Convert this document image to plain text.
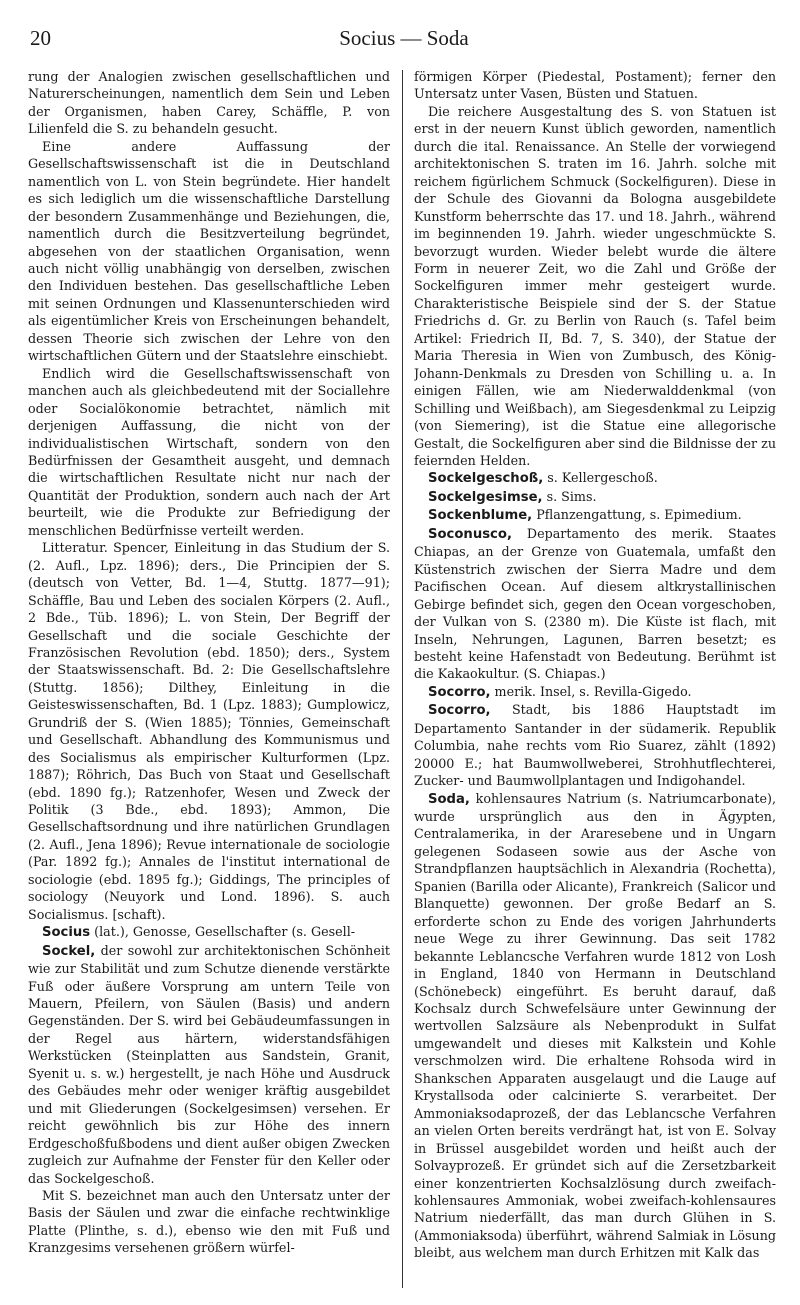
20	Socius — Soda

rung der Analogien zwischen gesellschaftlichen und Naturerscheinungen, namentlich dem Sein und Leben der Organismen, haben Carey, Schäffle, P. von Lilienfeld die S. zu behandeln gesucht.

Eine andere Auffassung der Gesellschaftswissenschaft ist die in Deutschland namentlich von L. von Stein begründete. Hier handelt es sich lediglich um die wissenschaftliche Darstellung der besondern Zusammenhänge und Beziehungen, die, namentlich durch die Besitzverteilung begründet, abgesehen von der staatlichen Organisation, wenn auch nicht völlig unabhängig von derselben, zwischen den Individuen bestehen. Das gesellschaftliche Leben mit seinen Ordnungen und Klassenunterschieden wird als eigentümlicher Kreis von Erscheinungen behandelt, dessen Theorie sich zwischen der Lehre von den wirtschaftlichen Gütern und der Staatslehre einschiebt.

Endlich wird die Gesellschaftswissenschaft von manchen auch als gleichbedeutend mit der Sociallehre oder Socialökonomie betrachtet, nämlich mit derjenigen Auffassung, die nicht von der individualistischen Wirtschaft, sondern von den Bedürfnissen der Gesamtheit ausgeht, und demnach die wirtschaftlichen Resultate nicht nur nach der Quantität der Produktion, sondern auch nach der Art beurteilt, wie die Produkte zur Befriedigung der menschlichen Bedürfnisse verteilt werden.

Litteratur. Spencer, Einleitung in das Studium der S. (2. Aufl., Lpz. 1896); ders., Die Principien der S. (deutsch von Vetter, Bd. 1—4, Stuttg. 1877—91); Schäffle, Bau und Leben des socialen Körpers (2. Aufl., 2 Bde., Tüb. 1896); L. von Stein, Der Begriff der Gesellschaft und die sociale Geschichte der Französischen Revolution (ebd. 1850); ders., System der Staatswissenschaft. Bd. 2: Die Gesellschaftslehre (Stuttg. 1856); Dilthey, Einleitung in die Geisteswissenschaften, Bd. 1 (Lpz. 1883); Gumplowicz, Grundriß der S. (Wien 1885); Tönnies, Gemeinschaft und Gesellschaft. Abhandlung des Kommunismus und des Socialismus als empirischer Kulturformen (Lpz. 1887); Röhrich, Das Buch von Staat und Gesellschaft (ebd. 1890 fg.); Ratzenhofer, Wesen und Zweck der Politik (3 Bde., ebd. 1893); Ammon, Die Gesellschaftsordnung und ihre natürlichen Grundlagen (2. Aufl., Jena 1896); Revue internationale de sociologie (Par. 1892 fg.); Annales de l'institut international de sociologie (ebd. 1895 fg.); Giddings, The principles of sociology (Neuyork und Lond. 1896). S. auch Socialismus. [schaft).

Socius (lat.), Genosse, Gesellschafter (s. Gesell-

Sockel, der sowohl zur architektonischen Schönheit wie zur Stabilität und zum Schutze dienende verstärkte Fuß oder äußere Vorsprung am untern Teile von Mauern, Pfeilern, von Säulen (Basis) und andern Gegenständen. Der S. wird bei Gebäudeumfassungen in der Regel aus härtern, widerstandsfähigen Werkstücken (Steinplatten aus Sandstein, Granit, Syenit u. s. w.) hergestellt, je nach Höhe und Ausdruck des Gebäudes mehr oder weniger kräftig ausgebildet und mit Gliederungen (Sockelgesimsen) versehen. Er reicht gewöhnlich bis zur Höhe des innern Erdgeschoßfußbodens und dient außer obigen Zwecken zugleich zur Aufnahme der Fenster für den Keller oder das Sockelgeschoß.

Mit S. bezeichnet man auch den Untersatz unter der Basis der Säulen und zwar die einfache rechtwinklige Platte (Plinthe, s. d.), ebenso wie den mit Fuß und Kranzgesims versehenen größern würfel-

förmigen Körper (Piedestal, Postament); ferner den Untersatz unter Vasen, Büsten und Statuen.

Die reichere Ausgestaltung des S. von Statuen ist erst in der neuern Kunst üblich geworden, namentlich durch die ital. Renaissance. An Stelle der vorwiegend architektonischen S. traten im 16. Jahrh. solche mit reichem figürlichem Schmuck (Sockelfiguren). Diese in der Schule des Giovanni da Bologna ausgebildete Kunstform beherrschte das 17. und 18. Jahrh., während im beginnenden 19. Jahrh. wieder ungeschmückte S. bevorzugt wurden. Wieder belebt wurde die ältere Form in neuerer Zeit, wo die Zahl und Größe der Sockelfiguren immer mehr gesteigert wurde. Charakteristische Beispiele sind der S. der Statue Friedrichs d. Gr. zu Berlin von Rauch (s. Tafel beim Artikel: Friedrich II, Bd. 7, S. 340), der Statue der Maria Theresia in Wien von Zumbusch, des König-Johann-Denkmals zu Dresden von Schilling u. a. In einigen Fällen, wie am Niederwalddenkmal (von Schilling und Weißbach), am Siegesdenkmal zu Leipzig (von Siemering), ist die Statue eine allegorische Gestalt, die Sockelfiguren aber sind die Bildnisse der zu feiernden Helden.

Sockelgeschoß, s. Kellergeschoß.

Sockelgesimse, s. Sims.

Sockenblume, Pflanzengattung, s. Epimedium.

Soconusco, Departamento des merik. Staates Chiapas, an der Grenze von Guatemala, umfaßt den Küstenstrich zwischen der Sierra Madre und dem Pacifischen Ocean. Auf diesem altkrystallinischen Gebirge befindet sich, gegen den Ocean vorgeschoben, der Vulkan von S. (2380 m). Die Küste ist flach, mit Inseln, Nehrungen, Lagunen, Barren besetzt; es besteht keine Hafenstadt von Bedeutung. Berühmt ist die Kakaokultur. (S. Chiapas.)

Socorro, merik. Insel, s. Revilla-Gigedo.

Socorro, Stadt, bis 1886 Hauptstadt im Departamento Santander in der südamerik. Republik Columbia, nahe rechts vom Rio Suarez, zählt (1892) 20000 E.; hat Baumwollweberei, Strohhutflechterei, Zucker- und Baumwollplantagen und Indigohandel.

Soda, kohlensaures Natrium (s. Natriumcarbonate), wurde ursprünglich aus den in Ägypten, Centralamerika, in der Araresebene und in Ungarn gelegenen Sodaseen sowie aus der Asche von Strandpflanzen hauptsächlich in Alexandria (Rochetta), Spanien (Barilla oder Alicante), Frankreich (Salicor und Blanquette) gewonnen. Der große Bedarf an S. erforderte schon zu Ende des vorigen Jahrhunderts neue Wege zu ihrer Gewinnung. Das seit 1782 bekannte Leblancsche Verfahren wurde 1812 von Losh in England, 1840 von Hermann in Deutschland (Schönebeck) eingeführt. Es beruht darauf, daß Kochsalz durch Schwefelsäure unter Gewinnung der wertvollen Salzsäure als Nebenprodukt in Sulfat umgewandelt und dieses mit Kalkstein und Kohle verschmolzen wird. Die erhaltene Rohsoda wird in Shankschen Apparaten ausgelaugt und die Lauge auf Krystallsoda oder calcinierte S. verarbeitet. Der Ammoniaksodaprozeß, der das Leblancsche Verfahren an vielen Orten bereits verdrängt hat, ist von E. Solvay in Brüssel ausgebildet worden und heißt auch der Solvayprozeß. Er gründet sich auf die Zersetzbarkeit einer konzentrierten Kochsalzlösung durch zweifach-kohlensaures Ammoniak, wobei zweifach-kohlensaures Natrium niederfällt, das man durch Glühen in S. (Ammoniaksoda) überführt, während Salmiak in Lösung bleibt, aus welchem man durch Erhitzen mit Kalk das
